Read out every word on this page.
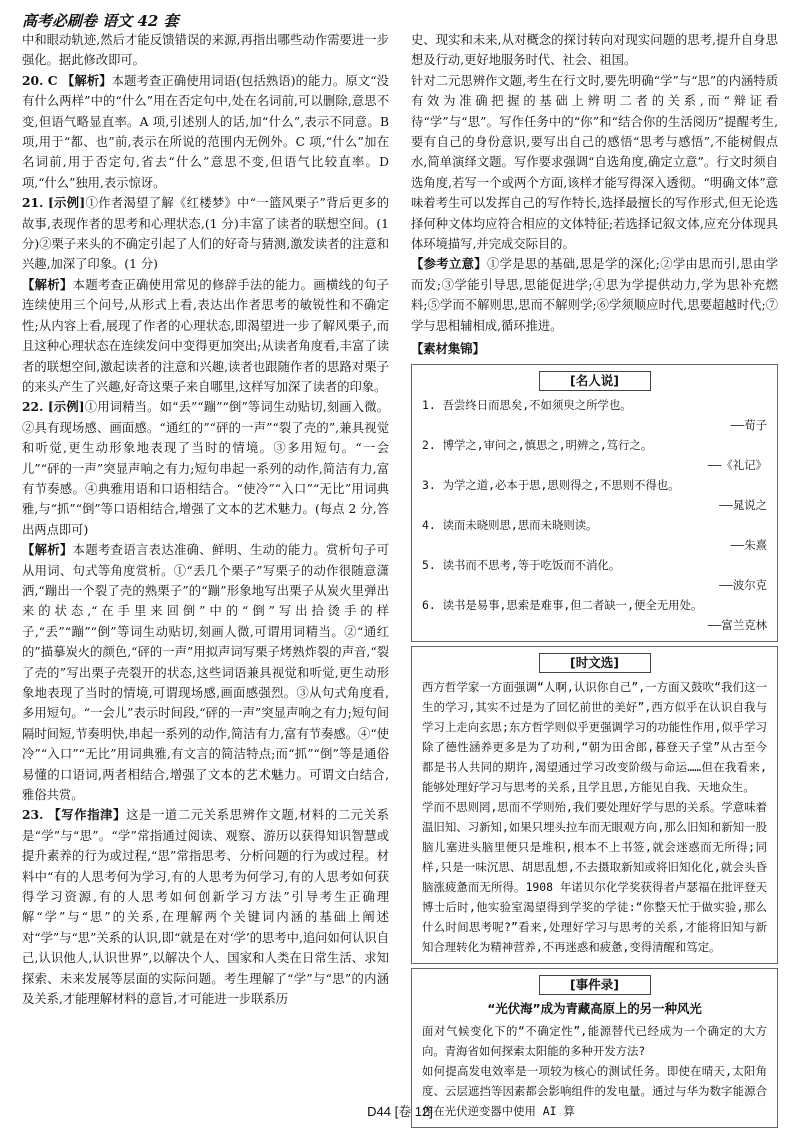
高考必刷卷 语文 42 套

中和眼动轨迹,然后才能反馈错误的来源,再指出哪些动作需要进一步强化。据此修改即可。

20. C 【解析】本题考查正确使用词语(包括熟语)的能力。原文“没有什么两样”中的“什么”用在否定句中,处在名词前,可以删除,意思不变,但语气略显直率。A 项,引述别人的话,加“什么”,表示不同意。B 项,用于“都、也”前,表示在所说的范围内无例外。C 项,“什么”加在名词前,用于否定句,省去“什么”意思不变,但语气比较直率。D 项,“什么”独用,表示惊讶。

21. [示例]①作者渴望了解《红楼梦》中“一篮风栗子”背后更多的故事,表现作者的思考和心理状态,(1 分)丰富了读者的联想空间。(1 分)②栗子来头的不确定引起了人们的好奇与猜测,激发读者的注意和兴趣,加深了印象。(1 分)

【解析】本题考查正确使用常见的修辞手法的能力。画横线的句子连续使用三个问号,从形式上看,表达出作者思考的敏锐性和不确定性;从内容上看,展现了作者的心理状态,即渴望进一步了解风栗子,而且这种心理状态在连续发问中变得更加突出;从读者角度看,丰富了读者的联想空间,激起读者的注意和兴趣,读者也跟随作者的思路对栗子的来头产生了兴趣,好奇这栗子来自哪里,这样写加深了读者的印象。

22. [示例]①用词精当。如“丢”“蹦”“倒”等词生动贴切,刻画入微。②具有现场感、画面感。“通红的”“砰的一声”“裂了壳的”,兼具视觉和听觉,更生动形象地表现了当时的情境。③多用短句。“一会儿”“砰的一声”突显声响之有力;短句串起一系列的动作,简洁有力,富有节奏感。④典雅用语和口语相结合。“使冷”“入口”“无比”用词典雅,与“抓”“倒”等口语相结合,增强了文本的艺术魅力。(每点 2 分,答出两点即可)

【解析】本题考查语言表达准确、鲜明、生动的能力。赏析句子可从用词、句式等角度赏析。①“丢几个栗子”写栗子的动作很随意潇洒,“蹦出一个裂了壳的熟栗子”的“蹦”形象地写出栗子从炭火里弹出来的状态,“在手里来回倒”中的“倒”写出拾烫手的样子,“丢”“蹦”“倒”等词生动贴切,刻画人微,可谓用词精当。②“通红的”描摹炭火的颜色,“砰的一声”用拟声词写栗子烤熟炸裂的声音,“裂了壳的”写出栗子壳裂开的状态,这些词语兼具视觉和听觉,更生动形象地表现了当时的情境,可谓现场感,画面感强烈。③从句式角度看,多用短句。“一会儿”表示时间段,“砰的一声”突显声响之有力;短句间隔时间短,节奏明快,串起一系列的动作,简洁有力,富有节奏感。④“使冷”“入口”“无比”用词典雅,有文言的简洁特点;而“抓”“倒”等是通俗易懂的口语词,两者相结合,增强了文本的艺术魅力。可谓文白结合,雅俗共赏。

23. 【写作指津】这是一道二元关系思辨作文题,材料的二元关系是“学”与“思”。“学”常指通过阅读、观察、游历以获得知识智慧或提升素养的行为或过程,“思”常指思考、分析问题的行为或过程。材料中“有的人思考何为学习,有的人思考为何学习,有的人思考如何获得学习资源,有的人思考如何创新学习方法”引导考生正确理解“学”与“思”的关系,在理解两个关键词内涵的基础上阐述对“学”与“思”关系的认识,即“就是在对‘学’的思考中,追问如何认识自己,认识他人,认识世界”,以解决个人、国家和人类在日常生活、求知探索、未来发展等层面的实际问题。考生理解了“学”与“思”的内涵及关系,才能理解材料的意旨,才可能进一步联系历

史、现实和未来,从对概念的探讨转向对现实问题的思考,提升自身思想及行动,更好地服务时代、社会、祖国。

针对二元思辨作文题,考生在行文时,要先明确“学”与“思”的内涵特质有效为准确把握的基础上辨明二者的关系,而“辩证看待“学”与“思”。写作任务中的“你”和“结合你的生活阅历”提醒考生,要有自己的身份意识,要写出自己的感悟“思考与感悟”,不能树假点水,简单演绎文题。写作要求强调“自选角度,确定立意”。行文时须自选角度,若写一个或两个方面,该样才能写得深入透彻。“明确文体”意味着考生可以发挥自己的写作特长,选择最擅长的写作形式,但无论选择何种文体均应符合相应的文体特征;若选择记叙文体,应充分体现具体环境描写,并完成交际目的。

【参考立意】①学是思的基础,思是学的深化;②学由思而引,思由学而发;③学能引导思,思能促进学;④思为学提供动力,学为思补充燃料;⑤学而不解则思,思而不解则学;⑥学须顺应时代,思要超越时代;⑦学与思相辅相成,循环推进。

【素材集锦】
[名人说]
1. 吾尝终日而思矣,不如须臾之所学也。
——荀子
2. 博学之,审问之,慎思之,明辨之,笃行之。
——《礼记》
3. 为学之道,必本于思,思则得之,不思则不得也。
——晁说之
4. 读而未晓则思,思而未晓则读。
——朱熹
5. 读书而不思考,等于吃饭而不消化。
——波尔克
6. 读书是易事,思索是难事,但二者缺一,便全无用处。
——富兰克林
[时文选]

西方哲学家一方面强调“人啊,认识你自己”,一方面又鼓吹“我们这一生的学习,其实不过是为了回忆前世的美好”,西方似乎在认识自我与学习上走向玄思;东方哲学则似乎更强调学习的功能性作用,似乎学习除了德性涵养更多是为了功利,“朝为田舍郎,暮登天子堂”从古至今都是书人共同的期许,渴望通过学习改变阶级与命运……但在我看来,能够处理好学习与思考的关系,且学且思,方能见自我、天地众生。

学而不思则罔,思而不学则殆,我们要处理好学与思的关系。学意味着温旧知、习新知,如果只埋头拉车而无眼观方向,那么旧知和新知一股脑儿塞进头脑里便只是堆积,根本不上书签,就会迷惑而无所得;同样,只是一味沉思、胡思乱想,不去摄取新知或将旧知化化,就会头昏脑涨疲惫而无所得。1908 年诺贝尔化学奖获得者卢瑟福在批评登天博士后时,他实验室渴望得到学奖的学徒:“你整天忙于做实验,那么什么时间思考呢?”看来,处理好学习与思考的关系,才能将旧知与新知合理转化为精神营养,不再迷惑和疲惫,变得清醒和笃定。

[事件录]
“光伏海”成为青藏高原上的另一种风光

面对气候变化下的“不确定性”,能源替代已经成为一个确定的大方向。青海省如何探索太阳能的多种开发方法?

如何提高发电效率是一项较为核心的测试任务。即使在晴天,太阳角度、云层遮挡等因素都会影响组件的发电量。通过与华为数字能源合作在光伏逆变器中使用 AI 算

D44 [卷 12]
